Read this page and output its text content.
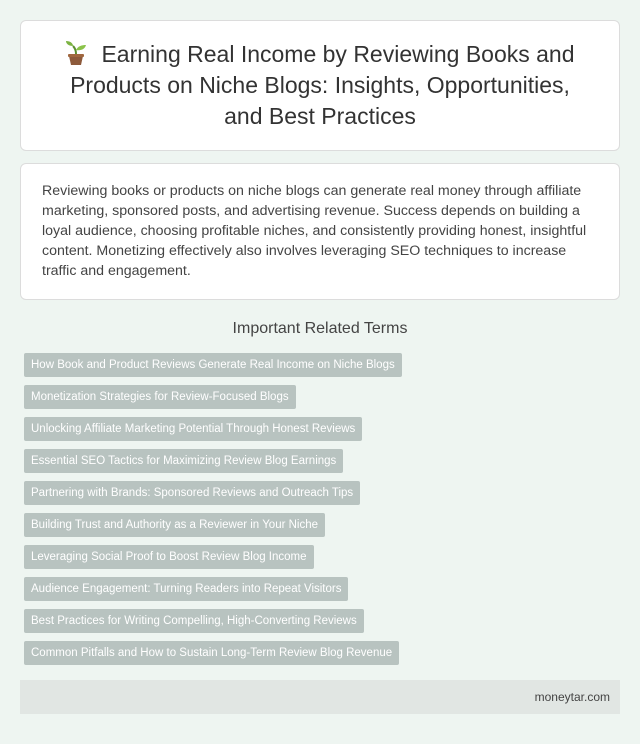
Earning Real Income by Reviewing Books and Products on Niche Blogs: Insights, Opportunities, and Best Practices

Reviewing books or products on niche blogs can generate real money through affiliate marketing, sponsored posts, and advertising revenue. Success depends on building a loyal audience, choosing profitable niches, and consistently providing honest, insightful content. Monetizing effectively also involves leveraging SEO techniques to increase traffic and engagement.

Important Related Terms
How Book and Product Reviews Generate Real Income on Niche Blogs
Monetization Strategies for Review-Focused Blogs
Unlocking Affiliate Marketing Potential Through Honest Reviews
Essential SEO Tactics for Maximizing Review Blog Earnings
Partnering with Brands: Sponsored Reviews and Outreach Tips
Building Trust and Authority as a Reviewer in Your Niche
Leveraging Social Proof to Boost Review Blog Income
Audience Engagement: Turning Readers into Repeat Visitors
Best Practices for Writing Compelling, High-Converting Reviews
Common Pitfalls and How to Sustain Long-Term Review Blog Revenue
moneytar.com
